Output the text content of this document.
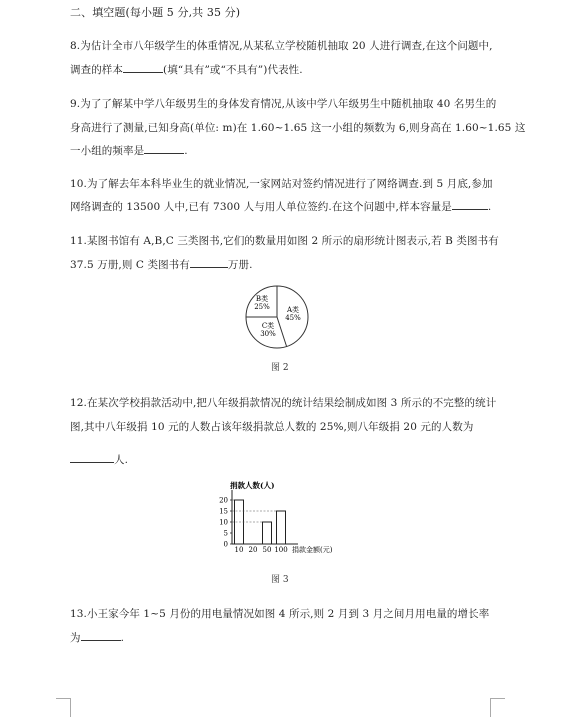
二、填空题(每小题 5 分,共 35 分)
8.为估计全市八年级学生的体重情况,从某私立学校随机抽取 20 人进行调查,在这个问题中,
调查的样本	(填“具有”或“不具有”)代表性.
9.为了了解某中学八年级男生的身体发育情况,从该中学八年级男生中随机抽取 40 名男生的
身高进行了测量,已知身高(单位: m)在 1.60~1.65 这一小组的频数为 6,则身高在 1.60~1.65 这
一小组的频率是	.
10.为了解去年本科毕业生的就业情况,一家网站对签约情况进行了网络调查.到 5 月底,参加
网络调查的 13500 人中,已有 7300 人与用人单位签约.在这个问题中,样本容量是	.
11.某图书馆有 A,B,C 三类图书,它们的数量用如图 2 所示的扇形统计图表示,若 B 类图书有
37.5 万册,则 C 类图书有	万册.
B类
25% A类
45%
C类
30%
图 2
12.在某次学校捐款活动中,把八年级捐款情况的统计结果绘制成如图 3 所示的不完整的统计
图,其中八年级捐 10 元的人数占该年级捐款总人数的 25%,则八年级捐 20 元的人数为
人.
捐款人数(人)
捐款金额(元)
20
15
10
5
0
10 20 50 100
图 3
13.小王家今年 1~5 月份的用电量情况如图 4 所示,则 2 月到 3 月之间月用电量的增长率
为	.
